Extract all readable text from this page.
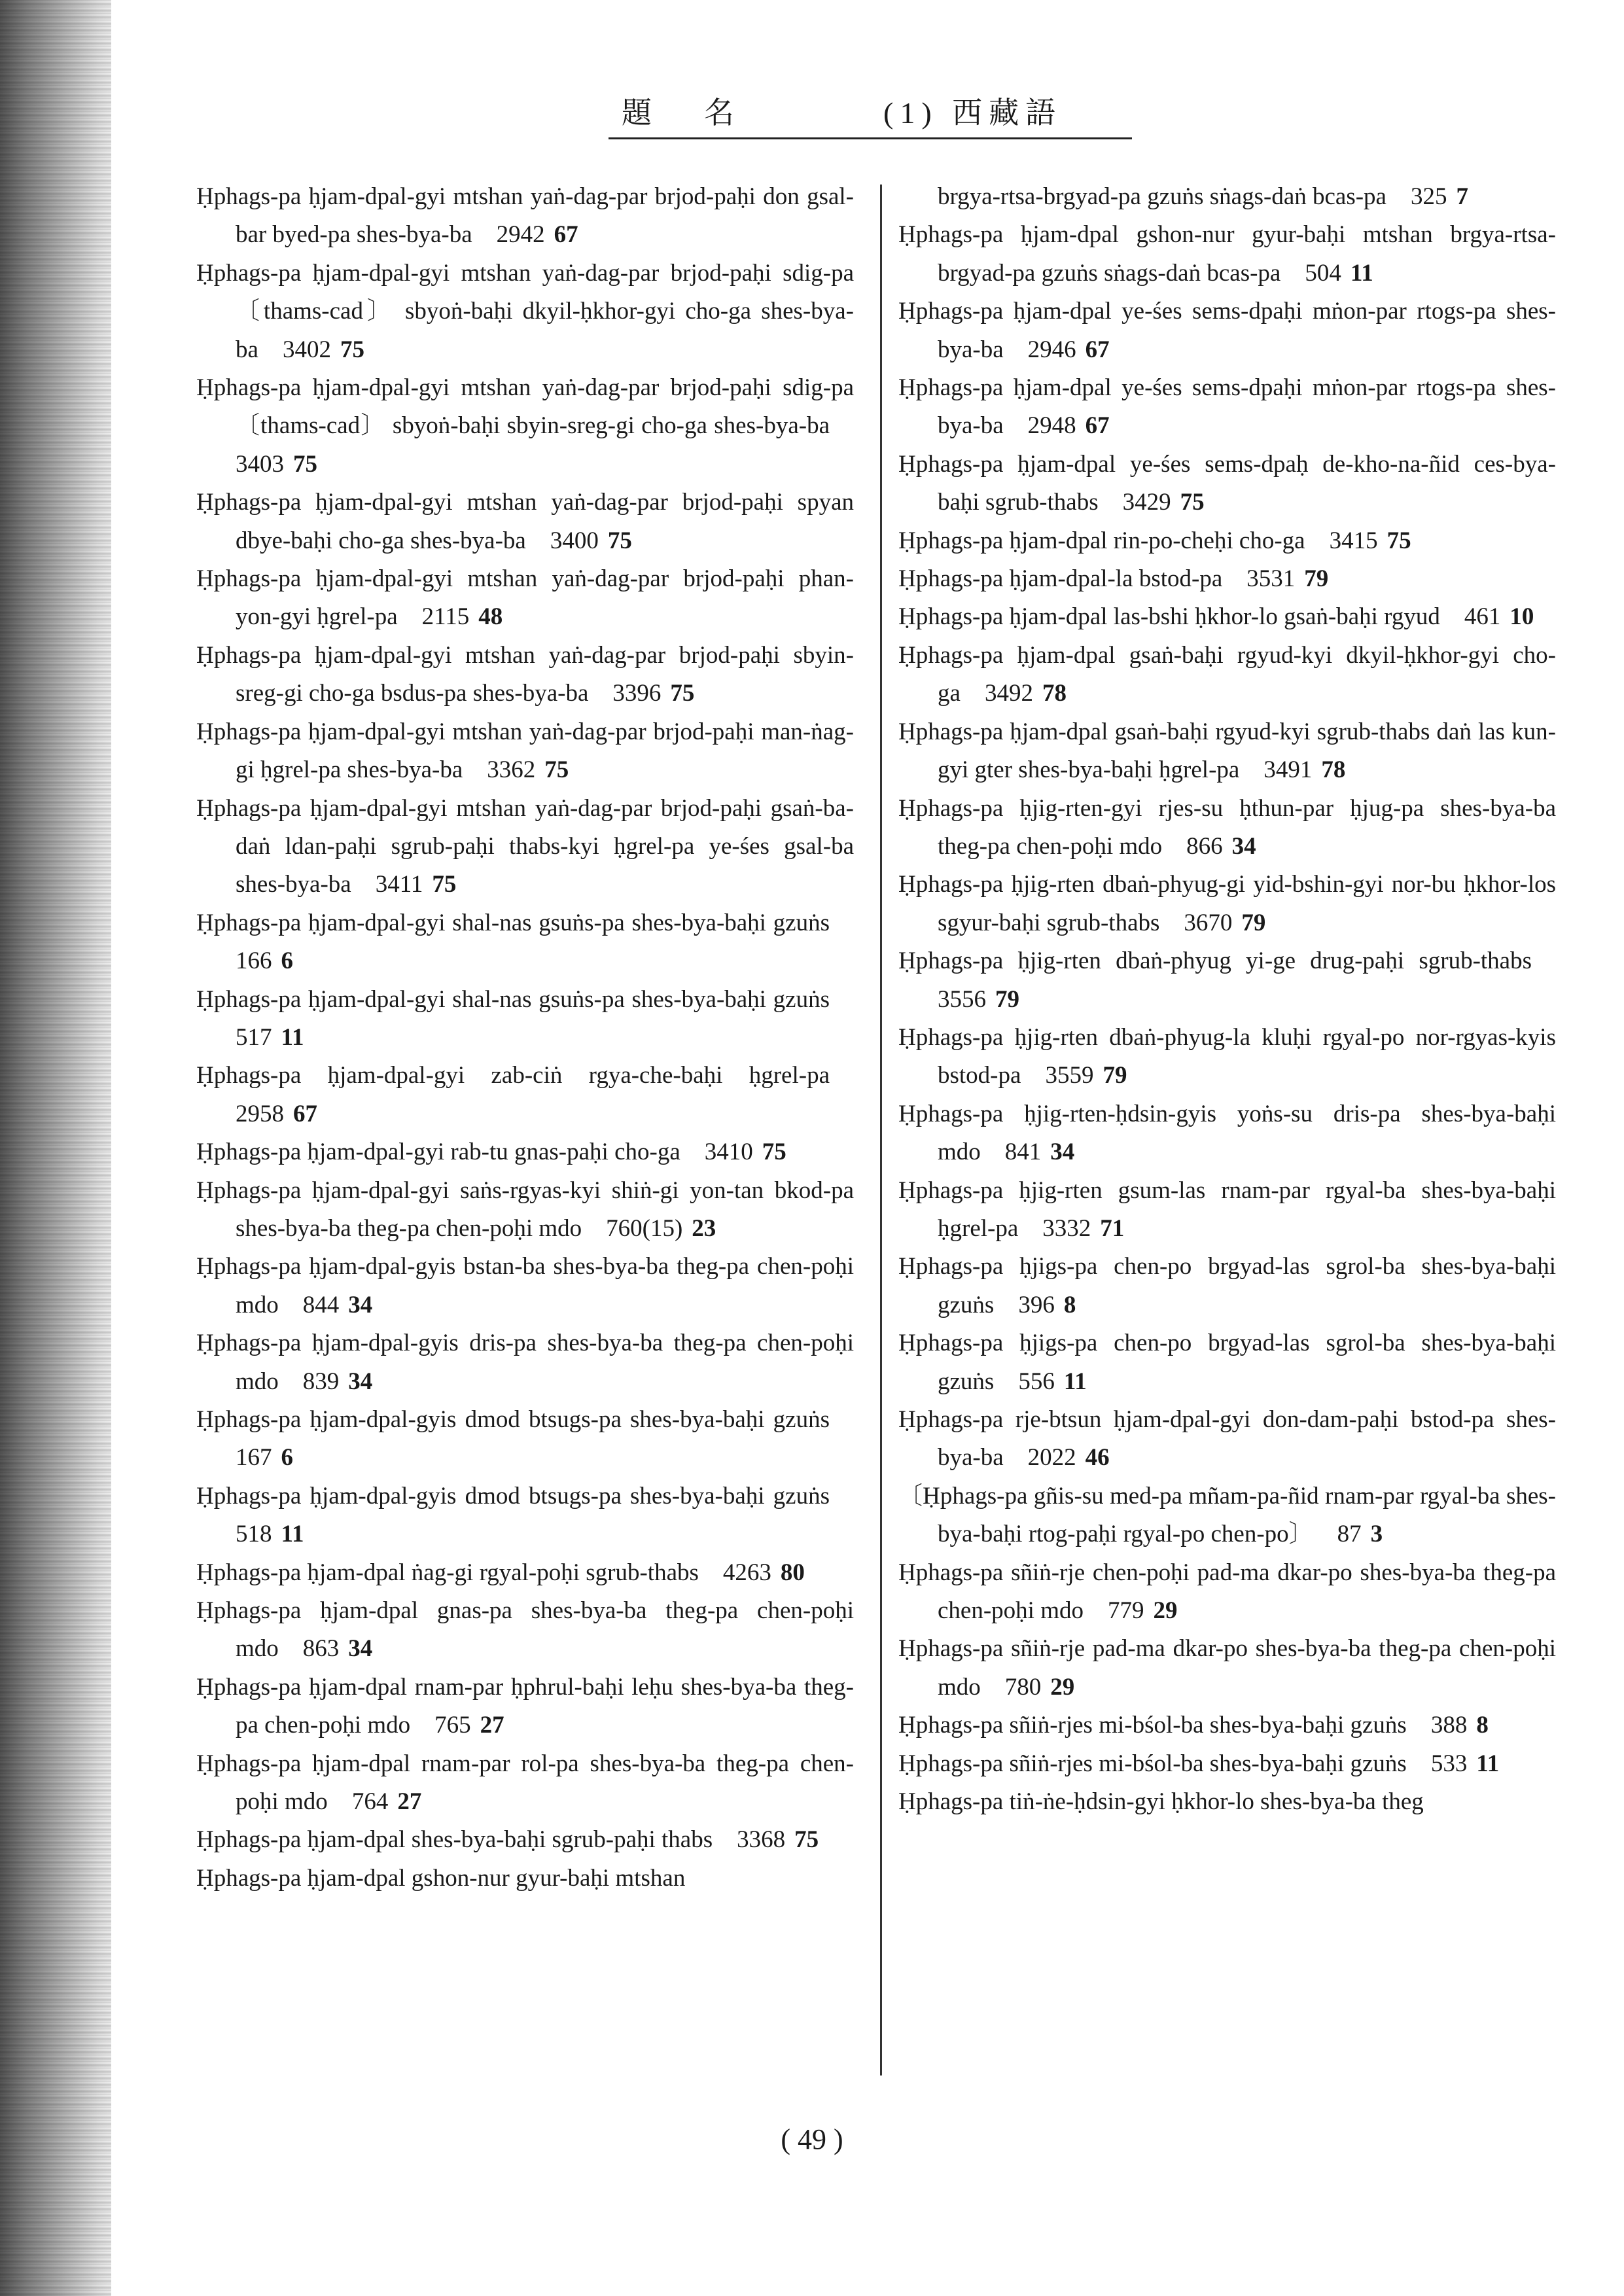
題名	(1) 西藏語
Ḥphags-pa ḥjam-dpal-gyi mtshan yaṅ-dag-par brjod-paḥi don gsal-bar byed-pa shes-bya-ba  2942 67
Ḥphags-pa ḥjam-dpal-gyi mtshan yaṅ-dag-par brjod-paḥi sdig-pa 〔thams-cad〕 sbyoṅ-baḥi dkyil-ḥkhor-gyi cho-ga shes-bya-ba  3402 75
Ḥphags-pa ḥjam-dpal-gyi mtshan yaṅ-dag-par brjod-paḥi sdig-pa 〔thams-cad〕 sbyoṅ-baḥi sbyin-sreg-gi cho-ga shes-bya-ba 3403 75
Ḥphags-pa ḥjam-dpal-gyi mtshan yaṅ-dag-par brjod-paḥi spyan dbye-baḥi cho-ga shes-bya-ba  3400 75
Ḥphags-pa ḥjam-dpal-gyi mtshan yaṅ-dag-par brjod-paḥi phan-yon-gyi ḥgrel-pa  2115 48
Ḥphags-pa ḥjam-dpal-gyi mtshan yaṅ-dag-par brjod-paḥi sbyin-sreg-gi cho-ga bsdus-pa shes-bya-ba  3396 75
Ḥphags-pa ḥjam-dpal-gyi mtshan yaṅ-dag-par brjod-paḥi man-ṅag-gi ḥgrel-pa shes-bya-ba  3362 75
Ḥphags-pa ḥjam-dpal-gyi mtshan yaṅ-dag-par brjod-paḥi gsaṅ-ba-daṅ ldan-paḥi sgrub-paḥi thabs-kyi ḥgrel-pa ye-śes gsal-ba shes-bya-ba  3411 75
Ḥphags-pa ḥjam-dpal-gyi shal-nas gsuṅs-pa shes-bya-baḥi gzuṅs 166 6
Ḥphags-pa ḥjam-dpal-gyi shal-nas gsuṅs-pa shes-bya-baḥi gzuṅs 517 11
Ḥphags-pa ḥjam-dpal-gyi zab-ciṅ rgya-che-baḥi ḥgrel-pa 2958 67
Ḥphags-pa ḥjam-dpal-gyi rab-tu gnas-paḥi cho-ga  3410 75
Ḥphags-pa ḥjam-dpal-gyi saṅs-rgyas-kyi shiṅ-gi yon-tan bkod-pa shes-bya-ba theg-pa chen-poḥi mdo  760(15) 23
Ḥphags-pa ḥjam-dpal-gyis bstan-ba shes-bya-ba theg-pa chen-poḥi mdo  844 34
Ḥphags-pa ḥjam-dpal-gyis dris-pa shes-bya-ba theg-pa chen-poḥi mdo  839 34
Ḥphags-pa ḥjam-dpal-gyis dmod btsugs-pa shes-bya-baḥi gzuṅs 167 6
Ḥphags-pa ḥjam-dpal-gyis dmod btsugs-pa shes-bya-baḥi gzuṅs 518 11
Ḥphags-pa ḥjam-dpal ṅag-gi rgyal-poḥi sgrub-thabs  4263 80
Ḥphags-pa ḥjam-dpal gnas-pa shes-bya-ba theg-pa chen-poḥi mdo  863 34
Ḥphags-pa ḥjam-dpal rnam-par ḥphrul-baḥi leḥu shes-bya-ba theg-pa chen-poḥi mdo  765 27
Ḥphags-pa ḥjam-dpal rnam-par rol-pa shes-bya-ba theg-pa chen-poḥi mdo  764 27
Ḥphags-pa ḥjam-dpal shes-bya-baḥi sgrub-paḥi thabs  3368 75
Ḥphags-pa ḥjam-dpal gshon-nur gyur-baḥi mtshan
brgya-rtsa-brgyad-pa gzuṅs sṅags-daṅ bcas-pa  325 7
Ḥphags-pa ḥjam-dpal gshon-nur gyur-baḥi mtshan brgya-rtsa-brgyad-pa gzuṅs sṅags-daṅ bcas-pa  504 11
Ḥphags-pa ḥjam-dpal ye-śes sems-dpaḥi mṅon-par rtogs-pa shes-bya-ba  2946 67
Ḥphags-pa ḥjam-dpal ye-śes sems-dpaḥi mṅon-par rtogs-pa shes-bya-ba  2948 67
Ḥphags-pa ḥjam-dpal ye-śes sems-dpaḥ de-kho-na-ñid ces-bya-baḥi sgrub-thabs  3429 75
Ḥphags-pa ḥjam-dpal rin-po-cheḥi cho-ga  3415 75
Ḥphags-pa ḥjam-dpal-la bstod-pa  3531 79
Ḥphags-pa ḥjam-dpal las-bshi ḥkhor-lo gsaṅ-baḥi rgyud  461 10
Ḥphags-pa ḥjam-dpal gsaṅ-baḥi rgyud-kyi dkyil-ḥkhor-gyi cho-ga  3492 78
Ḥphags-pa ḥjam-dpal gsaṅ-baḥi rgyud-kyi sgrub-thabs daṅ las kun-gyi gter shes-bya-baḥi ḥgrel-pa  3491 78
Ḥphags-pa ḥjig-rten-gyi rjes-su ḥthun-par ḥjug-pa shes-bya-ba theg-pa chen-poḥi mdo  866 34
Ḥphags-pa ḥjig-rten dbaṅ-phyug-gi yid-bshin-gyi nor-bu ḥkhor-los sgyur-baḥi sgrub-thabs  3670 79
Ḥphags-pa ḥjig-rten dbaṅ-phyug yi-ge drug-paḥi sgrub-thabs 3556 79
Ḥphags-pa ḥjig-rten dbaṅ-phyug-la kluḥi rgyal-po nor-rgyas-kyis bstod-pa  3559 79
Ḥphags-pa ḥjig-rten-ḥdsin-gyis yoṅs-su dris-pa shes-bya-baḥi mdo  841 34
Ḥphags-pa ḥjig-rten gsum-las rnam-par rgyal-ba shes-bya-baḥi ḥgrel-pa  3332 71
Ḥphags-pa ḥjigs-pa chen-po brgyad-las sgrol-ba shes-bya-baḥi gzuṅs  396 8
Ḥphags-pa ḥjigs-pa chen-po brgyad-las sgrol-ba shes-bya-baḥi gzuṅs  556 11
Ḥphags-pa rje-btsun ḥjam-dpal-gyi don-dam-paḥi bstod-pa shes-bya-ba  2022 46
〔Ḥphags-pa gñis-su med-pa mñam-pa-ñid rnam-par rgyal-ba shes-bya-baḥi rtog-paḥi rgyal-po chen-po〕  87 3
Ḥphags-pa sñiṅ-rje chen-poḥi pad-ma dkar-po shes-bya-ba theg-pa chen-poḥi mdo  779 29
Ḥphags-pa sñiṅ-rje pad-ma dkar-po shes-bya-ba theg-pa chen-poḥi mdo  780 29
Ḥphags-pa sñiṅ-rjes mi-bśol-ba shes-bya-baḥi gzuṅs  388 8
Ḥphags-pa sñiṅ-rjes mi-bśol-ba shes-bya-baḥi gzuṅs  533 11
Ḥphags-pa tiṅ-ṅe-ḥdsin-gyi ḥkhor-lo shes-bya-ba theg
( 49 )
